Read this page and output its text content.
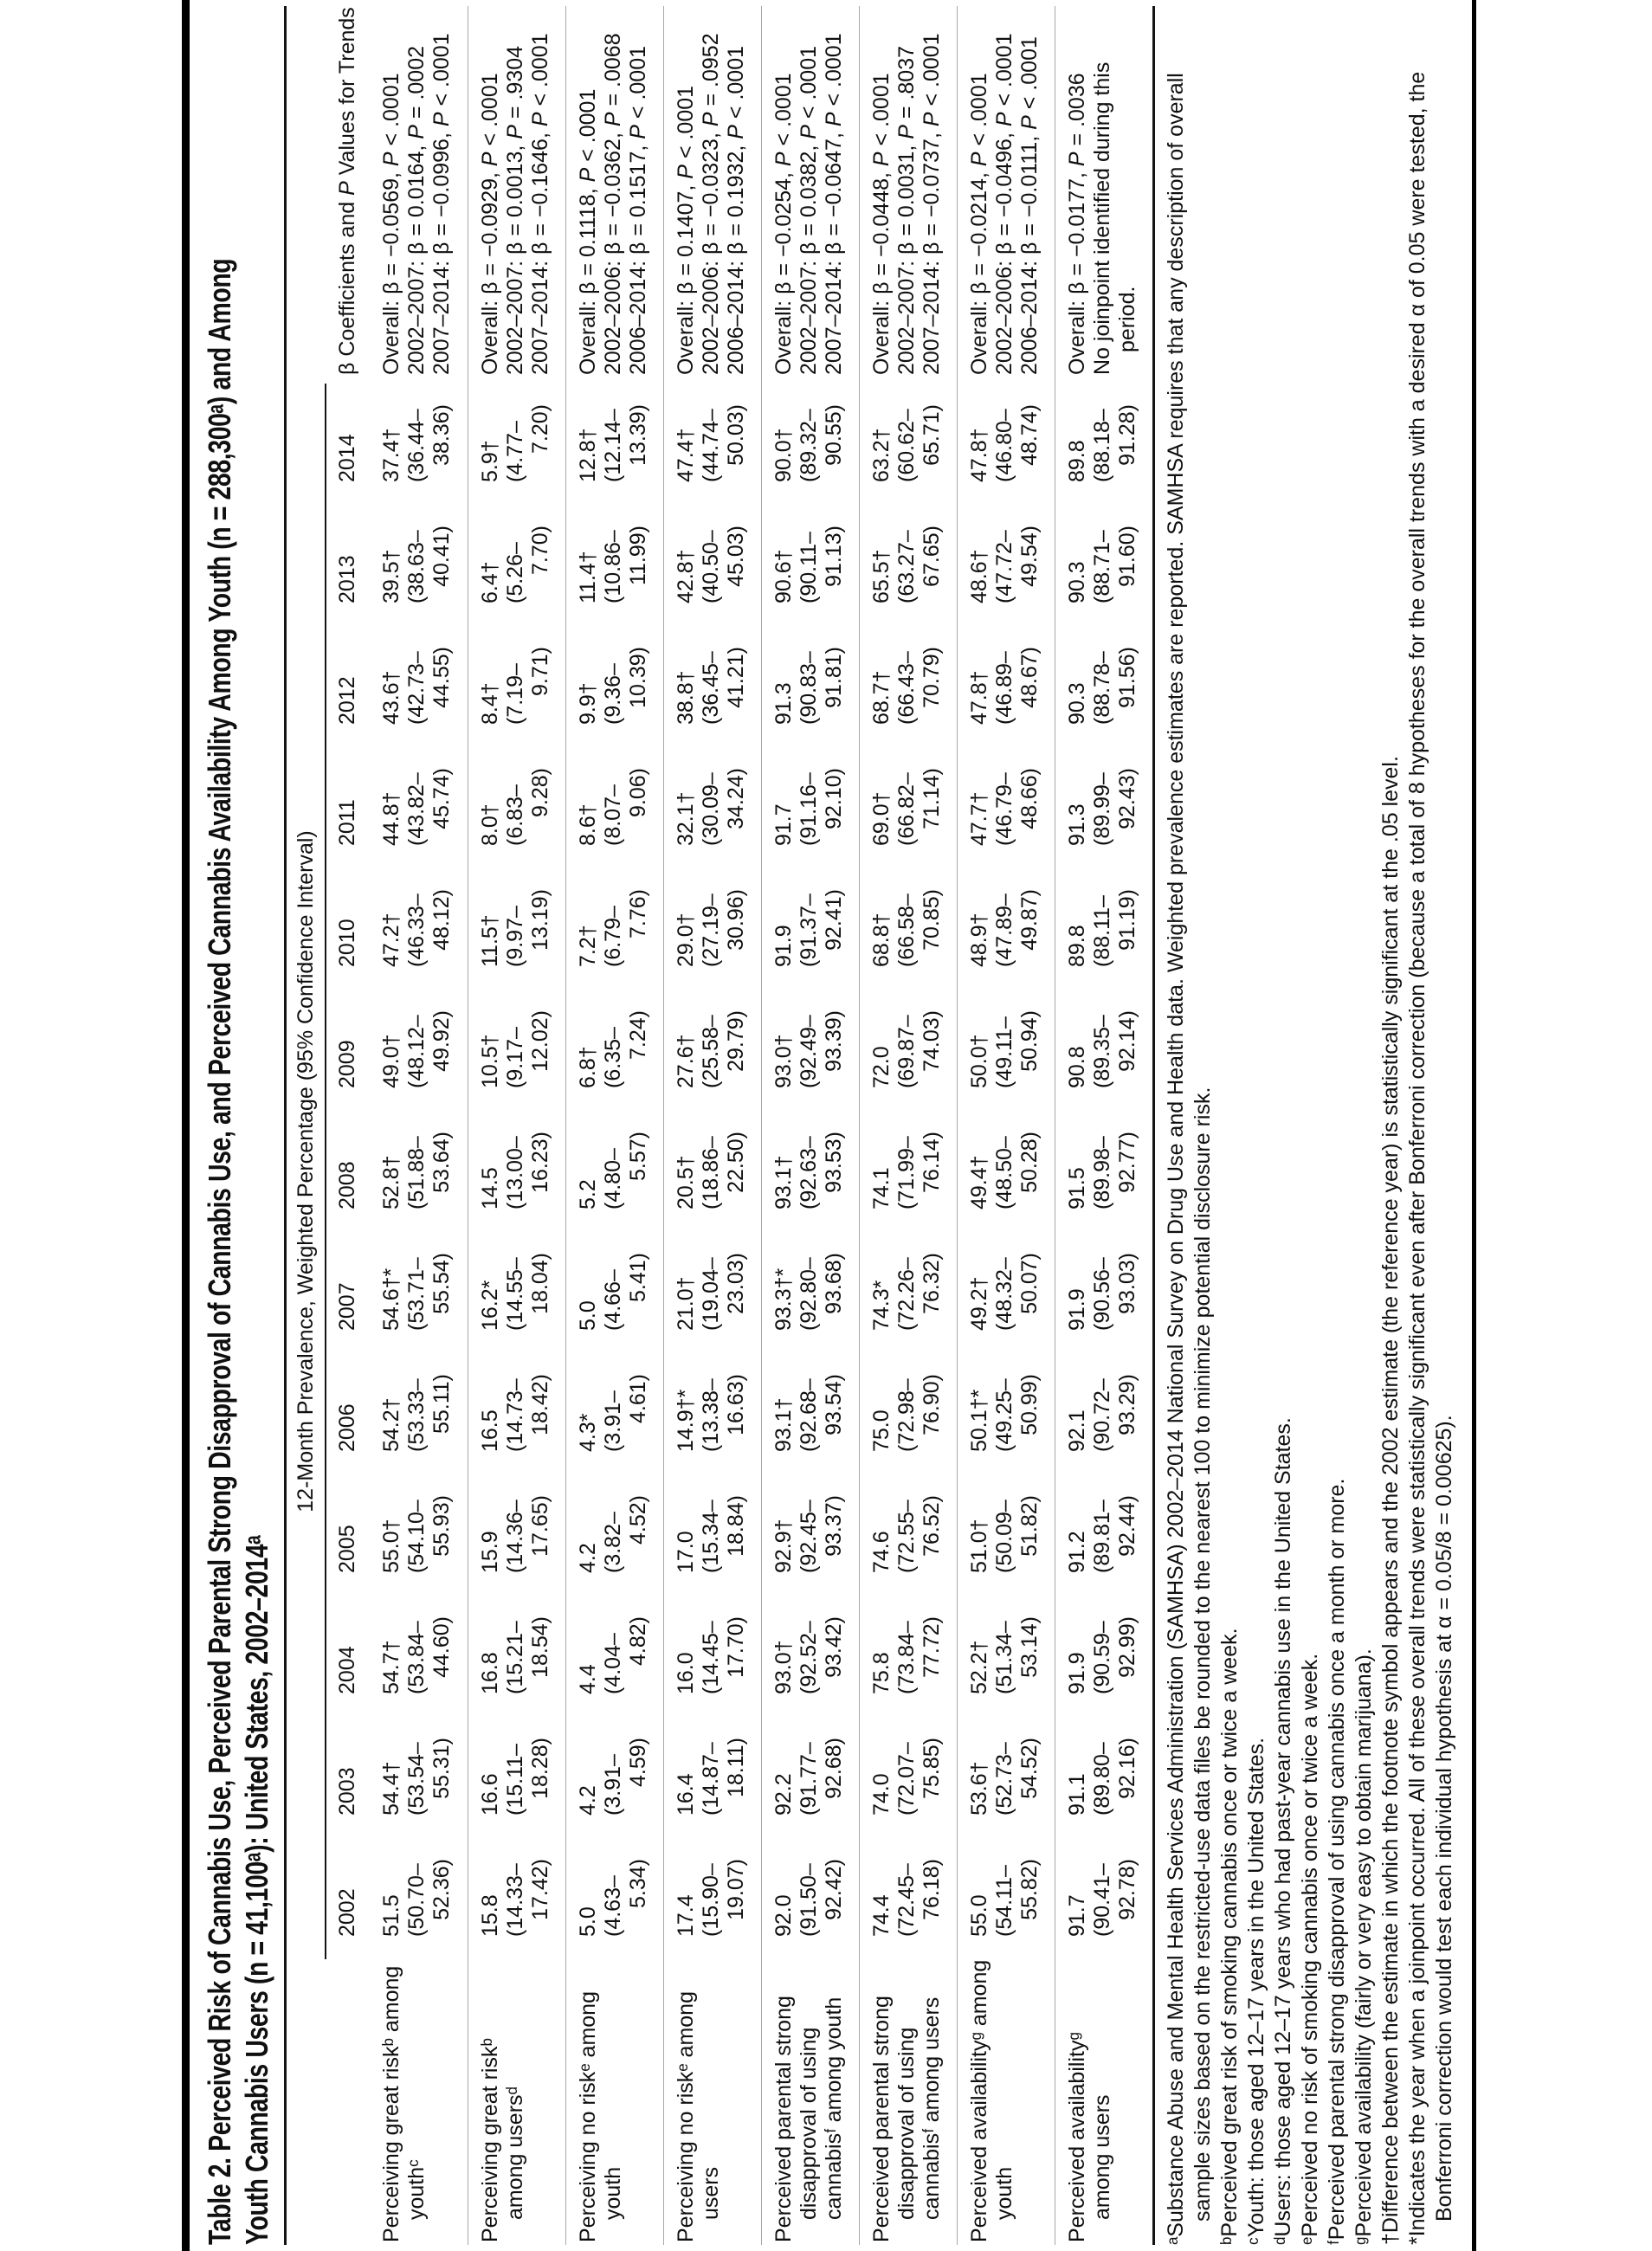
Table 2. Perceived Risk of Cannabis Use, Perceived Parental Strong Disapproval of Cannabis Use, and Perceived Cannabis Availability Among Youth (n = 288,300ᵃ) and Among Youth Cannabis Users (n = 41,100ᵃ): United States, 2002–2014ᵃ
12-Month Prevalence, Weighted Percentage (95% Confidence Interval)
2002
2003
2004
2005
2006
2007
2008
2009
2010
2011
2012
2013
2014
β Coefficients and P Values for Trends
Perceiving great riskᵇ among youthᶜ
51.5 (50.70– 52.36)
54.4† (53.54– 55.31)
54.7† (53.84– 44.60)
55.0† (54.10– 55.93)
54.2† (53.33– 55.11)
54.6†* (53.71– 55.54)
52.8† (51.88– 53.64)
49.0† (48.12– 49.92)
47.2† (46.33– 48.12)
44.8† (43.82– 45.74)
43.6† (42.73– 44.55)
39.5† (38.63– 40.41)
37.4† (36.44– 38.36)
Overall: β = −0.0569, P < .0001
2002–2007: β = 0.0164, P = .0002
2007–2014: β = −0.0996, P < .0001
Perceiving great riskᵇ among usersᵈ
15.8 (14.33– 17.42)
16.6 (15.11– 18.28)
16.8 (15.21– 18.54)
15.9 (14.36– 17.65)
16.5 (14.73– 18.42)
16.2* (14.55– 18.04)
14.5 (13.00– 16.23)
10.5† (9.17– 12.02)
11.5† (9.97– 13.19)
8.0† (6.83– 9.28)
8.4† (7.19– 9.71)
6.4† (5.26– 7.70)
5.9† (4.77– 7.20)
Overall: β = −0.0929, P < .0001
2002–2007: β = 0.0013, P = .9304
2007–2014: β = −0.1646, P < .0001
Perceiving no riskᵉ among youth
5.0 (4.63– 5.34)
4.2 (3.91– 4.59)
4.4 (4.04– 4.82)
4.2 (3.82– 4.52)
4.3* (3.91– 4.61)
5.0 (4.66– 5.41)
5.2 (4.80– 5.57)
6.8† (6.35– 7.24)
7.2† (6.79– 7.76)
8.6† (8.07– 9.06)
9.9† (9.36– 10.39)
11.4† (10.86– 11.99)
12.8† (12.14– 13.39)
Overall: β = 0.1118, P < .0001 2002–2006: β = −0.0362, P = .0068
2006–2014: β = 0.1517, P < .0001
Perceiving no riskᵉ among users
17.4 (15.90– 19.07)
16.4 (14.87– 18.11)
16.0 (14.45– 17.70)
17.0 (15.34– 18.84)
14.9†* (13.38– 16.63)
21.0† (19.04– 23.03)
20.5† (18.86– 22.50)
27.6† (25.58– 29.79)
29.0† (27.19– 30.96)
32.1† (30.09– 34.24)
38.8† (36.45– 41.21)
42.8† (40.50– 45.03)
47.4† (44.74– 50.03)
Overall: β = 0.1407, P < .0001
2002–2006: β = −0.0323, P = .0952
2006–2014: β = 0.1932, P < .0001
Perceived parental strong disapproval of using cannabisᶠ among youth
92.0 (91.50– 92.42)
92.2 (91.77– 92.68)
93.0† (92.52– 93.42)
92.9† (92.45– 93.37)
93.1† (92.68– 93.54)
93.3†* (92.80– 93.68)
93.1† (92.63– 93.53)
93.0† (92.49– 93.39)
91.9 (91.37– 92.41)
91.7 (91.16– 92.10)
91.3 (90.83– 91.81)
90.6† (90.11– 91.13)
90.0† (89.32– 90.55)
Overall: β = −0.0254, P < .0001
2002–2007: β = 0.0382, P < .0001
2007–2014: β = −0.0647, P < .0001
Perceived parental strong disapproval of using cannabisᶠ among users
74.4 (72.45– 76.18)
74.0 (72.07– 75.85)
75.8 (73.84– 77.72)
74.6 (72.55– 76.52)
75.0 (72.98– 76.90)
74.3* (72.26– 76.32)
74.1 (71.99– 76.14)
72.0 (69.87– 74.03)
68.8† (66.58– 70.85)
69.0† (66.82– 71.14)
68.7† (66.43– 70.79)
65.5† (63.27– 67.65)
63.2† (60.62– 65.71)
Overall: β = −0.0448, P < .0001
2002–2007: β = 0.0031, P = .8037
2007–2014: β = −0.0737, P < .0001
Perceived availabilityᵍ among youth
55.0 (54.11– 55.82)
53.6† (52.73– 54.52)
52.2† (51.34– 53.14)
51.0† (50.09– 51.82)
50.1†* (49.25– 50.99)
49.2† (48.32– 50.07)
49.4† (48.50– 50.28)
50.0† (49.11– 50.94)
48.9† (47.89– 49.87)
47.7† (46.79– 48.66)
47.8† (46.89– 48.67)
48.6† (47.72– 49.54)
47.8† (46.80– 48.74)
Overall: β = −0.0214, P < .0001
2002–2006: β = −0.0496, P < .0001
2006–2014: β = −0.0111, P < .0001
Perceived availabilityᵍ among users
91.7 (90.41– 92.78)
91.1 (89.80– 92.16)
91.9 (90.59– 92.99)
91.2 (89.81– 92.44)
92.1 (90.72– 93.29)
91.9 (90.56– 93.03)
91.5 (89.98– 92.77)
90.8 (89.35– 92.14)
89.8 (88.11– 91.19)
91.3 (89.99– 92.43)
90.3 (88.78– 91.56)
90.3 (88.71– 91.60)
89.8 (88.18– 91.28)
Overall: β = −0.0177, P = .0036 No joinpoint identified during this period. ᵃSubstance Abuse and Mental Health Services Administration (SAMHSA) 2002–2014 National Survey on Drug Use and Health data. Weighted prevalence estimates are reported. SAMHSA requires that any description of overall sample sizes based on the restricted-use data files be rounded to the nearest 100 to minimize potential disclosure risk. ᵇPerceived great risk of smoking cannabis once or twice a week. ᶜYouth: those aged 12–17 years in the United States. ᵈUsers: those aged 12–17 years who had past-year cannabis use in the United States. ᵉPerceived no risk of smoking cannabis once or twice a week. ᶠPerceived parental strong disapproval of using cannabis once a month or more. ᵍPerceived availability (fairly or very easy to obtain marijuana). †Difference between the estimate in which the footnote symbol appears and the 2002 estimate (the reference year) is statistically significant at the .05 level. *Indicates the year when a joinpoint occurred. All of these overall trends were statistically significant even after Bonferroni correction (because a total of 8 hypotheses for the overall trends with a desired α of 0.05 were tested, the Bonferroni correction would test each individual hypothesis at α = 0.05/8 = 0.00625).
